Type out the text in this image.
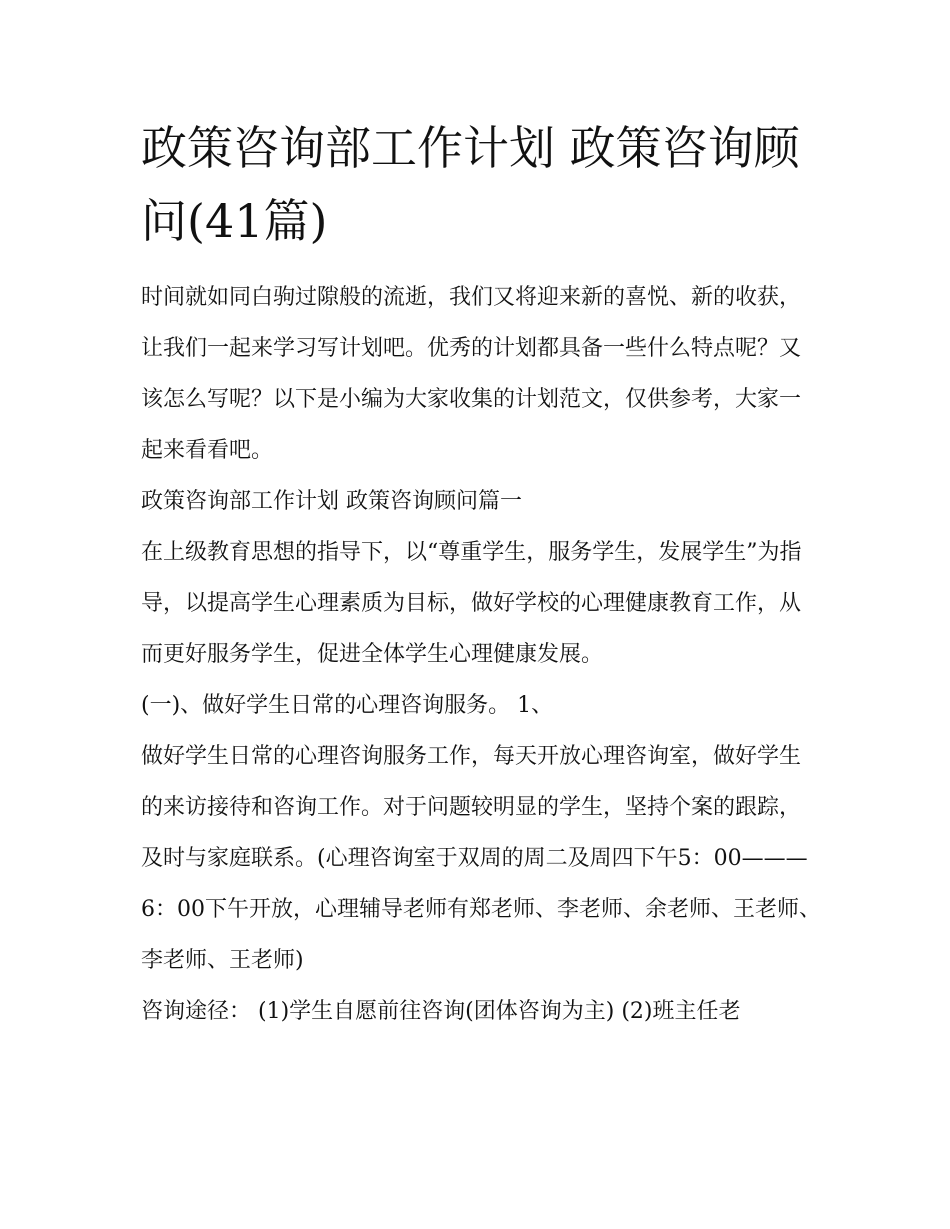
政策咨询部工作计划 政策咨询顾问(41篇)

时间就如同白驹过隙般的流逝，我们又将迎来新的喜悦、新的收获，让我们一起来学习写计划吧。优秀的计划都具备一些什么特点呢？又该怎么写呢？以下是小编为大家收集的计划范文，仅供参考，大家一起来看看吧。

政策咨询部工作计划 政策咨询顾问篇一

在上级教育思想的指导下，以“尊重学生，服务学生，发展学生”为指导，以提高学生心理素质为目标，做好学校的心理健康教育工作，从而更好服务学生，促进全体学生心理健康发展。

(一)、做好学生日常的心理咨询服务。 1、

做好学生日常的心理咨询服务工作，每天开放心理咨询室，做好学生的来访接待和咨询工作。对于问题较明显的学生，坚持个案的跟踪，及时与家庭联系。(心理咨询室于双周的周二及周四下午5：00———6：00下午开放，心理辅导老师有郑老师、李老师、余老师、王老师、李老师、王老师)

咨询途径： (1)学生自愿前往咨询(团体咨询为主) (2)班主任老
